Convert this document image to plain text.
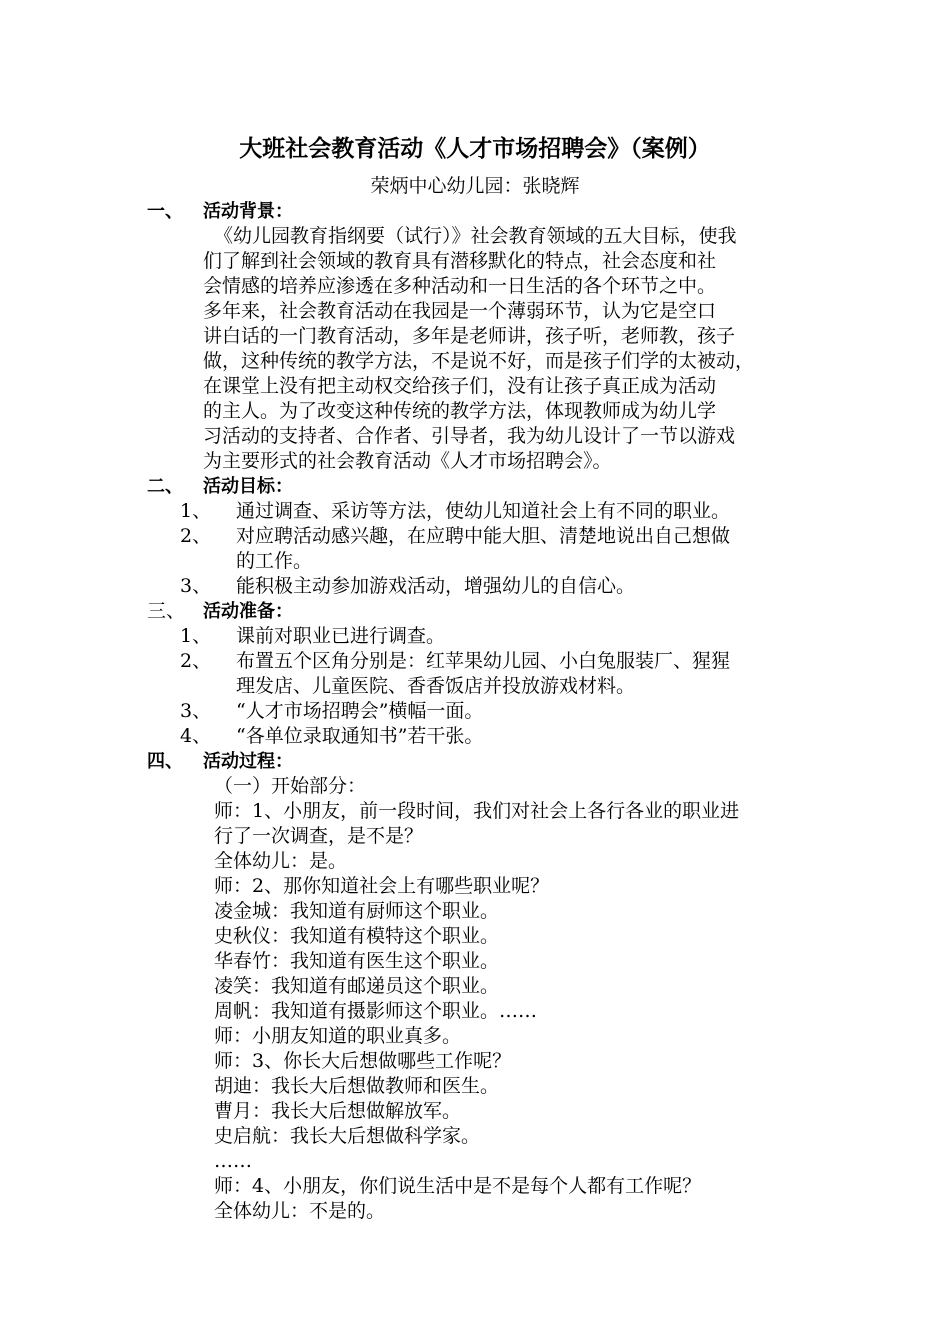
大班社会教育活动《人才市场招聘会》（案例）
荣炳中心幼儿园：张晓辉
一、 活动背景：
《幼儿园教育指纲要（试行）》社会教育领域的五大目标，使我
们了解到社会领域的教育具有潜移默化的特点，社会态度和社
会情感的培养应渗透在多种活动和一日生活的各个环节之中。
多年来，社会教育活动在我园是一个薄弱环节，认为它是空口
讲白话的一门教育活动，多年是老师讲，孩子听，老师教，孩子
做，这种传统的教学方法，不是说不好，而是孩子们学的太被动，
在课堂上没有把主动权交给孩子们，没有让孩子真正成为活动
的主人。为了改变这种传统的教学方法，体现教师成为幼儿学
习活动的支持者、合作者、引导者，我为幼儿设计了一节以游戏
为主要形式的社会教育活动《人才市场招聘会》。
二、 活动目标：
1、 通过调查、采访等方法，使幼儿知道社会上有不同的职业。
2、 对应聘活动感兴趣，在应聘中能大胆、清楚地说出自己想做
的工作。
3、 能积极主动参加游戏活动，增强幼儿的自信心。
三、 活动准备：
1、 课前对职业已进行调查。
2、 布置五个区角分别是：红苹果幼儿园、小白兔服装厂、猩猩
理发店、儿童医院、香香饭店并投放游戏材料。
3、 “人才市场招聘会”横幅一面。
4、 “各单位录取通知书”若干张。
四、 活动过程：
（一）开始部分：
师：1、小朋友，前一段时间，我们对社会上各行各业的职业进
行了一次调查，是不是？
全体幼儿：是。
师：2、那你知道社会上有哪些职业呢？
凌金城：我知道有厨师这个职业。
史秋仪：我知道有模特这个职业。
华春竹：我知道有医生这个职业。
凌笑：我知道有邮递员这个职业。
周帆：我知道有摄影师这个职业。……
师：小朋友知道的职业真多。
师：3、你长大后想做哪些工作呢？
胡迪：我长大后想做教师和医生。
曹月：我长大后想做解放军。
史启航：我长大后想做科学家。
……
师：4、小朋友，你们说生活中是不是每个人都有工作呢？
全体幼儿：不是的。
